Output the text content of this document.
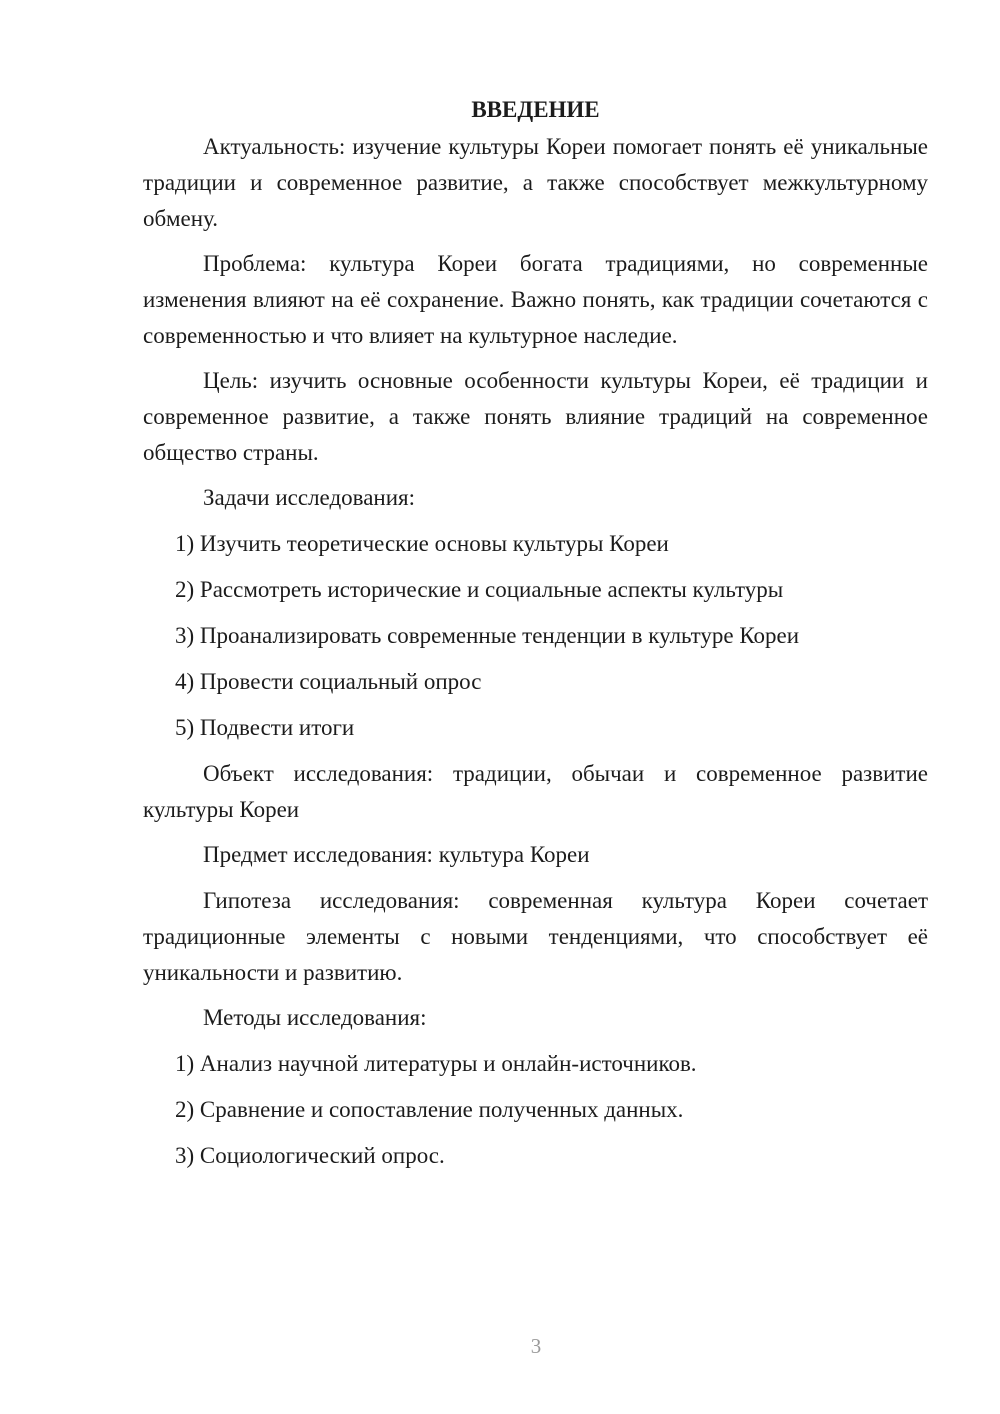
ВВЕДЕНИЕ

Актуальность: изучение культуры Кореи помогает понять её уникальные традиции и современное развитие, а также способствует межкультурному обмену.

Проблема: культура Кореи богата традициями, но современные изменения влияют на её сохранение. Важно понять, как традиции сочетаются с современностью и что влияет на культурное наследие.

Цель: изучить основные особенности культуры Кореи, её традиции и современное развитие, а также понять влияние традиций на современное общество страны.

Задачи исследования:

1) Изучить теоретические основы культуры Кореи
2) Рассмотреть исторические и социальные аспекты культуры
3) Проанализировать современные тенденции в культуре Кореи
4) Провести социальный опрос
5) Подвести итоги

Объект исследования: традиции, обычаи и современное развитие культуры Кореи

Предмет исследования: культура Кореи

Гипотеза исследования: современная культура Кореи сочетает традиционные элементы с новыми тенденциями, что способствует её уникальности и развитию.

Методы исследования:

1) Анализ научной литературы и онлайн-источников.
2) Сравнение и сопоставление полученных данных.
3) Социологический опрос.
3
